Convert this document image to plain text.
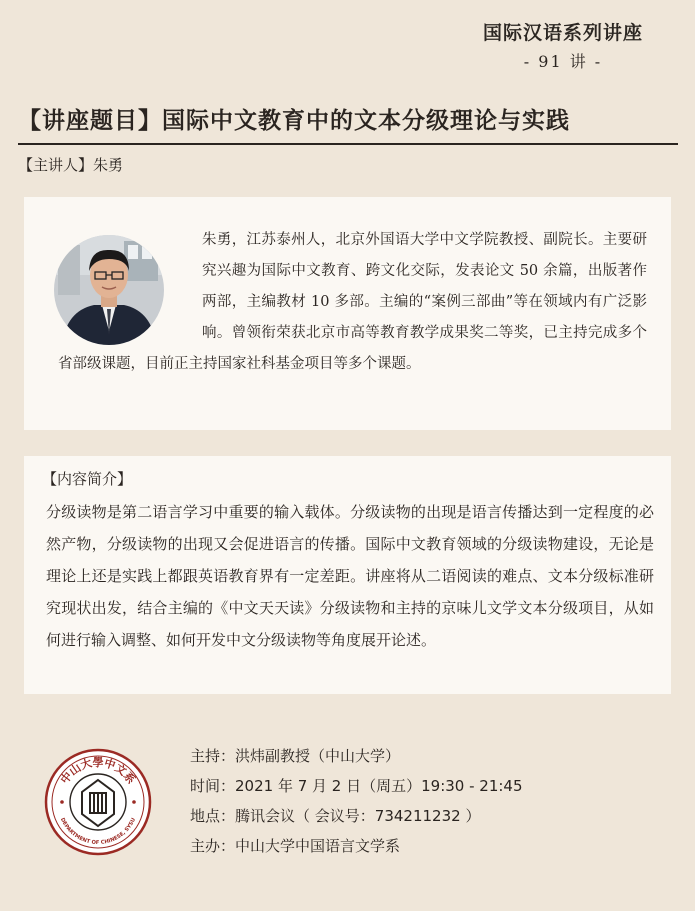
国际汉语系列讲座
- 91 讲 -
【讲座题目】国际中文教育中的文本分级理论与实践
【主讲人】朱勇

朱勇，江苏泰州人，北京外国语大学中文学院教授、副院长。主要研究兴趣为国际中文教育、跨文化交际，发表论文 50 余篇，出版著作两部，主编教材 10 多部。主编的“案例三部曲”等在领域内有广泛影响。曾领衔荣获北京市高等教育教学成果奖二等奖，已主持完成多个省部级课题，目前正主持国家社科基金项目等多个课题。

【内容简介】
分级读物是第二语言学习中重要的输入载体。分级读物的出现是语言传播达到一定程度的必然产物，分级读物的出现又会促进语言的传播。国际中文教育领域的分级读物建设，无论是理论上还是实践上都跟英语教育界有一定差距。讲座将从二语阅读的难点、文本分级标准研究现状出发，结合主编的《中文天天读》分级读物和主持的京味儿文学文本分级项目，从如何进行输入调整、如何开发中文分级读物等角度展开论述。
中山大學中文系
DEPARTMENT OF CHINESE, SYSU
主持：洪炜副教授（中山大学）
时间：2021 年 7 月 2 日（周五）19:30 - 21:45
地点：腾讯会议（ 会议号：734211232 ）
主办：中山大学中国语言文学系
